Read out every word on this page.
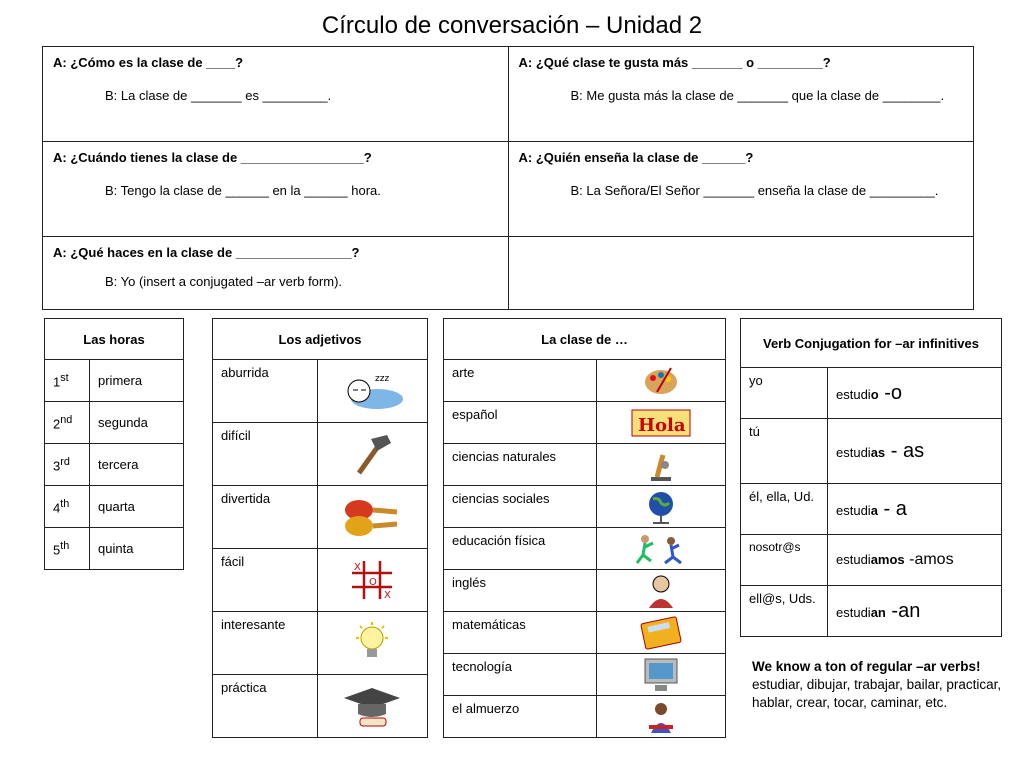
Círculo de conversación – Unidad 2
A: ¿Cómo es la clase de ____?
B: La clase de _______ es _________.	A: ¿Qué clase te gusta más _______ o _________?
B: Me gusta más la clase de _______ que la clase de ________.

A: ¿Cuándo tienes la clase de _________________?
B: Tengo la clase de ______ en la ______ hora.	A: ¿Quién enseña la clase de ______?
B: La Señora/El Señor _______ enseña la clase de _________.

A: ¿Qué haces en la clase de ________________?
B: Yo (insert a conjugated –ar verb form).	

Las horas	
1st	primera
2nd	segunda
3rd	tercera
4th	quarta
5th	quinta
Los adjetivos	
aburrida	zzz

difícil	

divertida	

fácil	X
O
X

interesante	

práctica	
La clase de …	
arte	

español	Hola

ciencias naturales	

ciencias sociales	

educación física	

inglés	

matemáticas	

tecnología	

el almuerzo	
Verb Conjugation for –ar infinitives	
yo	estudio -o
tú	estudias - as
él, ella, Ud.	estudia - a
nosotr@s	estudiamos -amos
ell@s, Uds.	estudian -an
We know a ton of regular –ar verbs!
estudiar, dibujar, trabajar, bailar, practicar, hablar, crear, tocar, caminar, etc.
